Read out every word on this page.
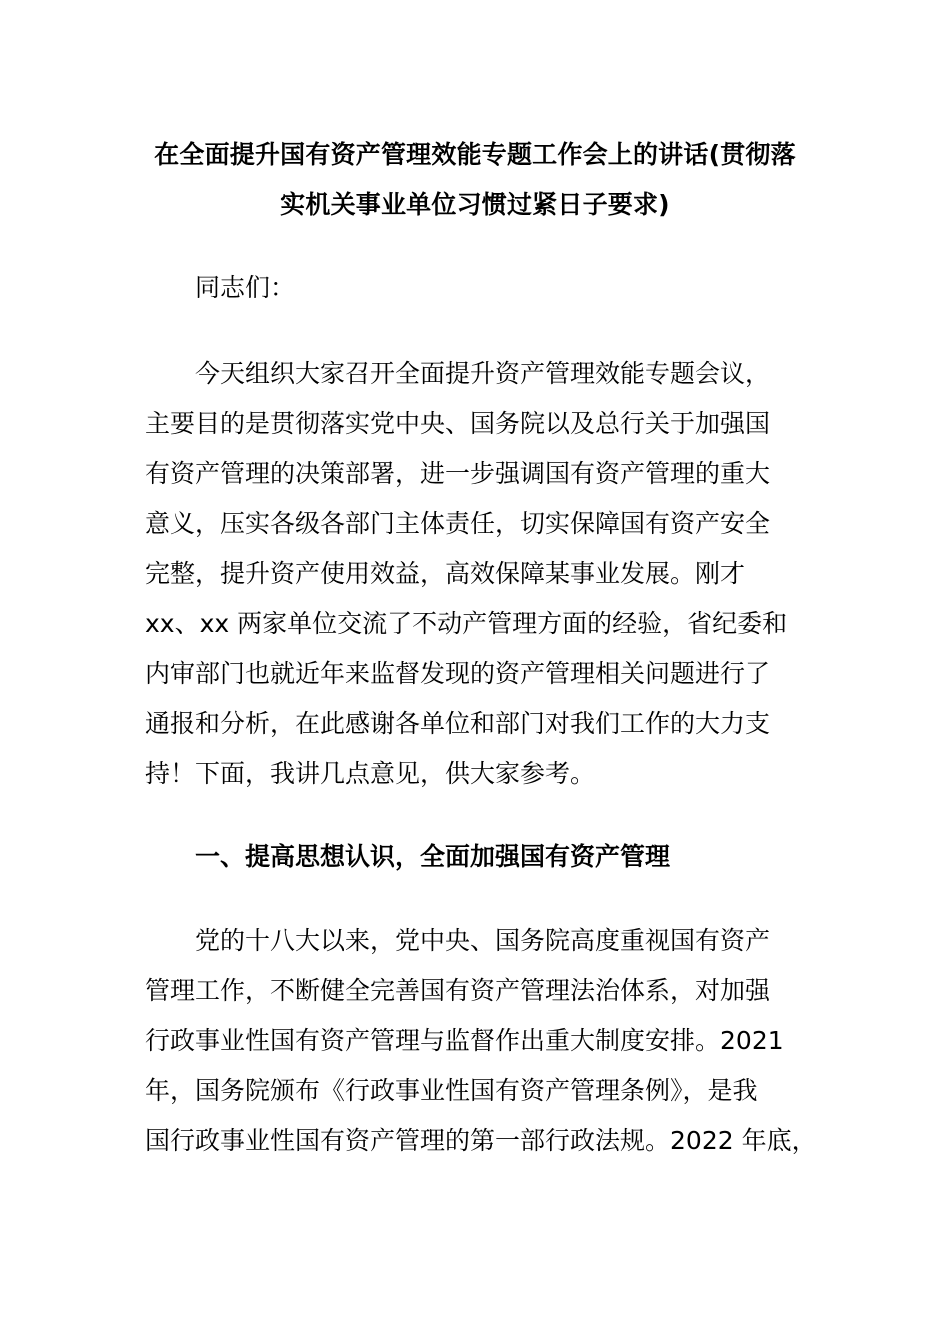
在全面提升国有资产管理效能专题工作会上的讲话(贯彻落
实机关事业单位习惯过紧日子要求)
同志们：
今天组织大家召开全面提升资产管理效能专题会议，
主要目的是贯彻落实党中央、国务院以及总行关于加强国
有资产管理的决策部署，进一步强调国有资产管理的重大
意义，压实各级各部门主体责任，切实保障国有资产安全
完整，提升资产使用效益，高效保障某事业发展。刚才
xx、xx 两家单位交流了不动产管理方面的经验，省纪委和
内审部门也就近年来监督发现的资产管理相关问题进行了
通报和分析，在此感谢各单位和部门对我们工作的大力支
持！下面，我讲几点意见，供大家参考。
一、提高思想认识，全面加强国有资产管理
党的十八大以来，党中央、国务院高度重视国有资产
管理工作，不断健全完善国有资产管理法治体系，对加强
行政事业性国有资产管理与监督作出重大制度安排。2021
年，国务院颁布《行政事业性国有资产管理条例》，是我
国行政事业性国有资产管理的第一部行政法规。2022 年底，
